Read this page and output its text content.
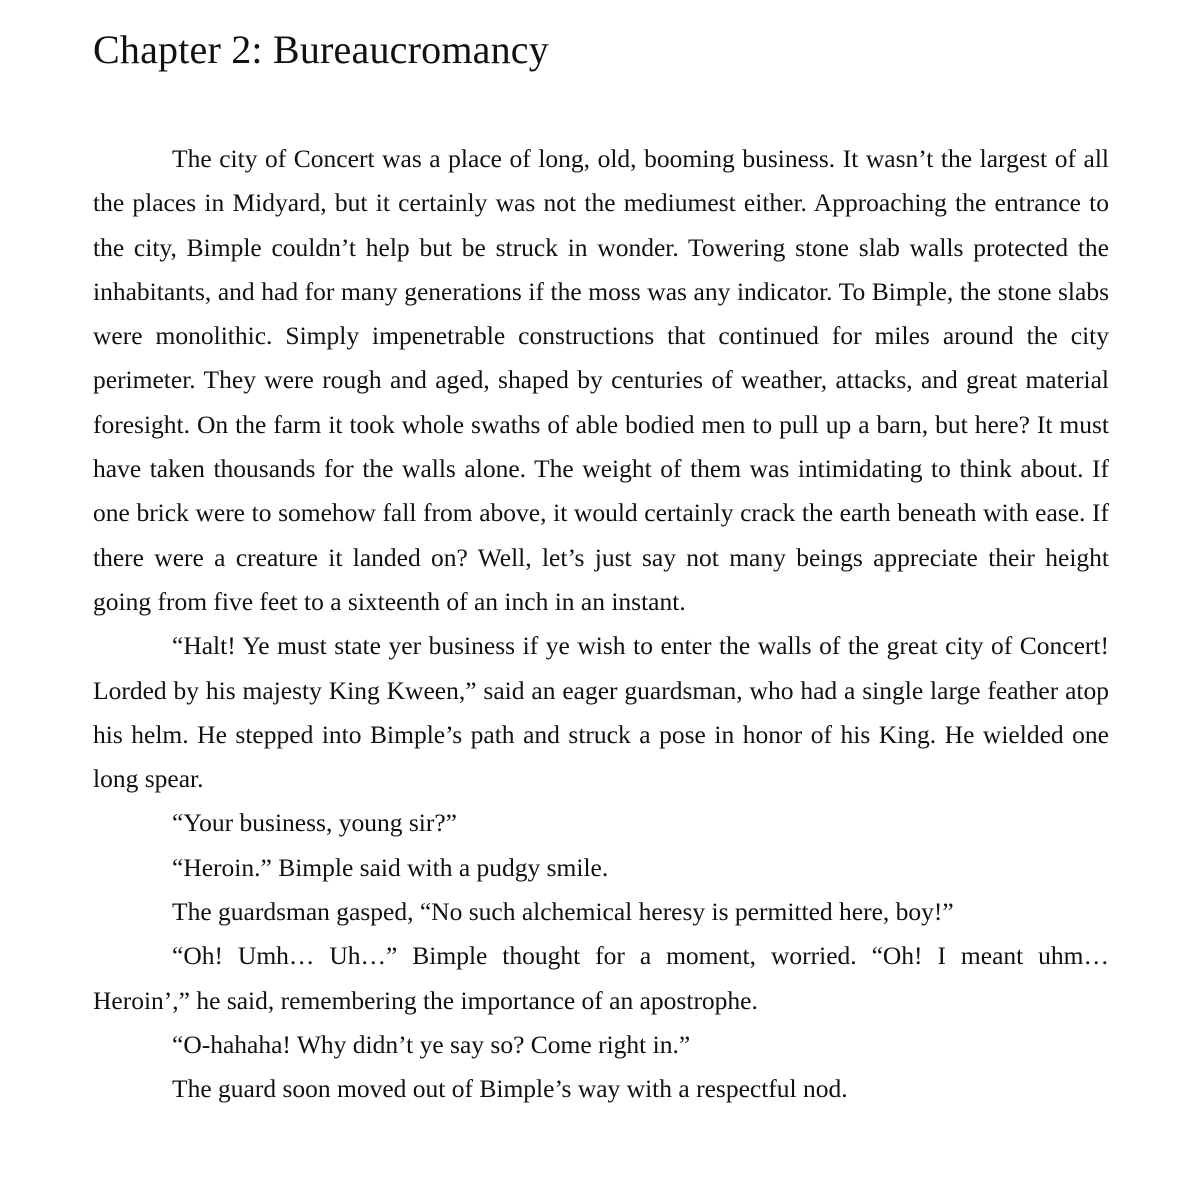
Chapter 2: Bureaucromancy

The city of Concert was a place of long, old, booming business. It wasn’t the largest of all the places in Midyard, but it certainly was not the mediumest either. Approaching the entrance to the city, Bimple couldn’t help but be struck in wonder. Towering stone slab walls protected the inhabitants, and had for many generations if the moss was any indicator. To Bimple, the stone slabs were monolithic. Simply impenetrable constructions that continued for miles around the city perimeter. They were rough and aged, shaped by centuries of weather, attacks, and great material foresight. On the farm it took whole swaths of able bodied men to pull up a barn, but here? It must have taken thousands for the walls alone. The weight of them was intimidating to think about. If one brick were to somehow fall from above, it would certainly crack the earth beneath with ease. If there were a creature it landed on? Well, let’s just say not many beings appreciate their height going from five feet to a sixteenth of an inch in an instant.

“Halt! Ye must state yer business if ye wish to enter the walls of the great city of Concert! Lorded by his majesty King Kween,” said an eager guardsman, who had a single large feather atop his helm. He stepped into Bimple’s path and struck a pose in honor of his King. He wielded one long spear.

“Your business, young sir?”

“Heroin.” Bimple said with a pudgy smile.

The guardsman gasped, “No such alchemical heresy is permitted here, boy!”

“Oh! Umh… Uh…” Bimple thought for a moment, worried. “Oh! I meant uhm… Heroin’,” he said, remembering the importance of an apostrophe.

“O-hahaha! Why didn’t ye say so? Come right in.”

The guard soon moved out of Bimple’s way with a respectful nod.
